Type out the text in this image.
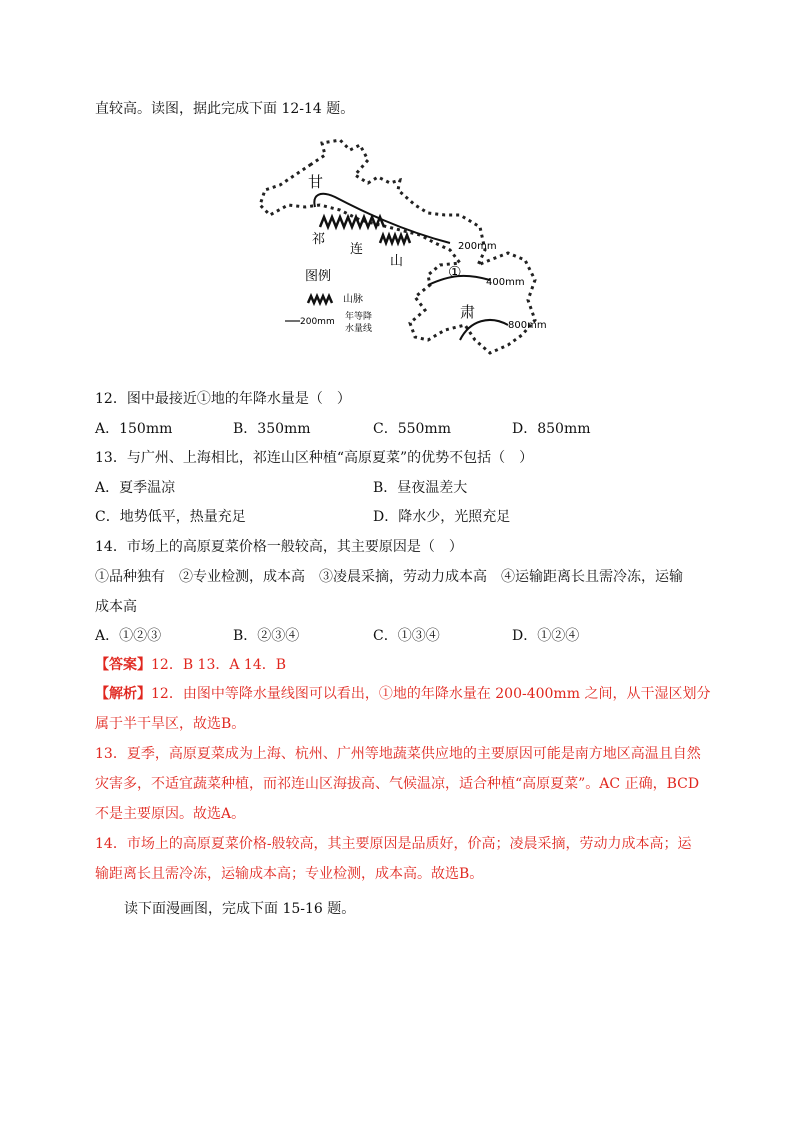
直较高。读图，据此完成下面 12-14 题。
甘
祁
连
山
①
肃
200mm
400mm
800mm
图例
山脉
200mm 年等降
水量线
12．图中最接近①地的年降水量是（　）
A．150mm	B．350mm	C．550mm	D．850mm
13．与广州、上海相比，祁连山区种植“高原夏菜”的优势不包括（　）
A．夏季温凉	B．昼夜温差大
C．地势低平，热量充足	D．降水少，光照充足
14．市场上的高原夏菜价格一般较高，其主要原因是（　）
①品种独有　②专业检测，成本高　③凌晨采摘，劳动力成本高　④运输距离长且需冷冻，运输
成本高
A．①②③	B．②③④	C．①③④	D．①②④
【答案】12．B 13．A 14．B
【解析】12．由图中等降水量线图可以看出，①地的年降水量在 200-400mm 之间，从干湿区划分
属于半干旱区，故选B。
13．夏季，高原夏菜成为上海、杭州、广州等地蔬菜供应地的主要原因可能是南方地区高温且自然
灾害多，不适宜蔬菜种植，而祁连山区海拔高、气候温凉，适合种植“高原夏菜”。AC 正确，BCD
不是主要原因。故选A。
14．市场上的高原夏菜价格-般较高，其主要原因是品质好，价高；凌晨采摘，劳动力成本高；运
输距离长且需冷冻，运输成本高；专业检测，成本高。故选B。
读下面漫画图，完成下面 15-16 题。
